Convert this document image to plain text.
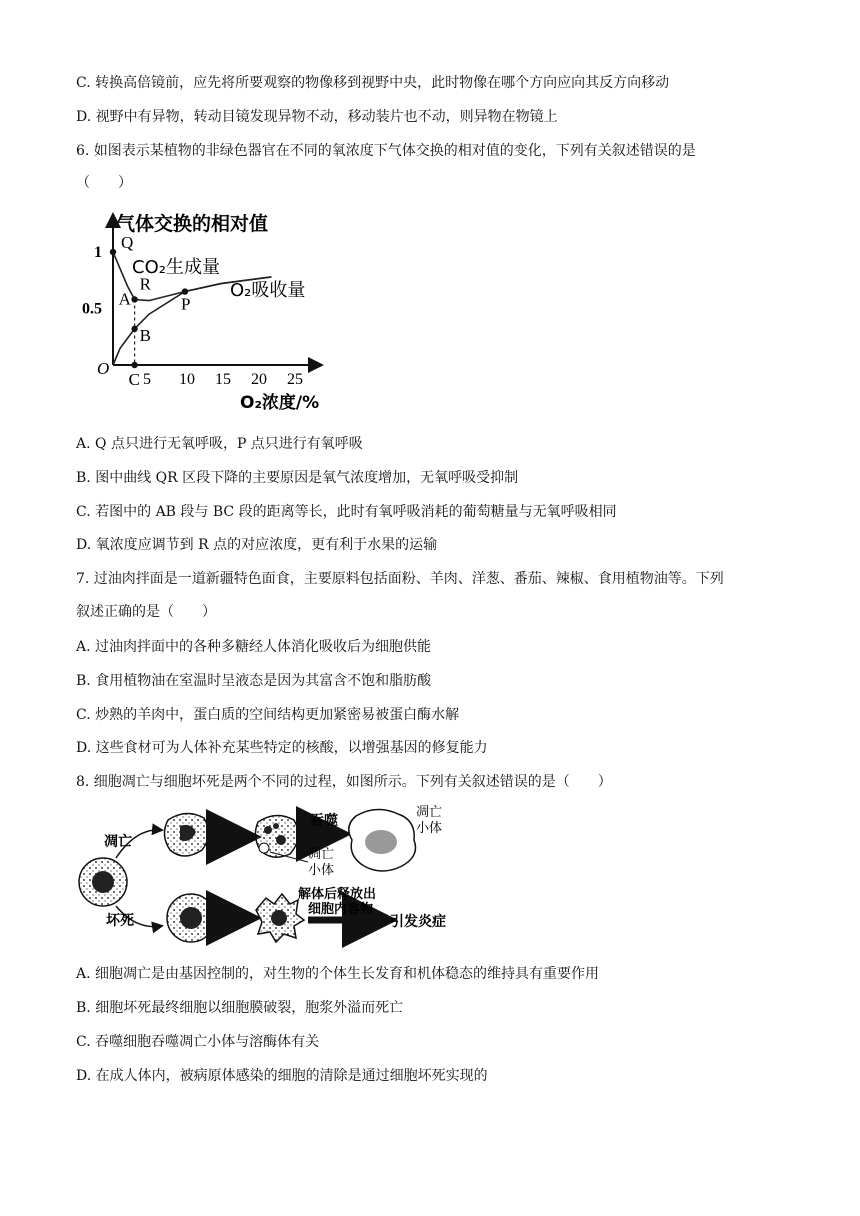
C. 转换高倍镜前，应先将所要观察的物像移到视野中央，此时物像在哪个方向应向其反方向移动
D. 视野中有异物，转动目镜发现异物不动，移动装片也不动，则异物在物镜上
6. 如图表示某植物的非绿色器官在不同的氧浓度下气体交换的相对值的变化，下列有关叙述错误的是
（　　）
气体交换的相对值
O₂浓度/%
O
5 10 15 20 25
0.5
1
CO₂生成量
O₂吸收量
Q
A
B
P
C
R
A. Q 点只进行无氧呼吸，P 点只进行有氧呼吸
B. 图中曲线 QR 区段下降的主要原因是氧气浓度增加，无氧呼吸受抑制
C. 若图中的 AB 段与 BC 段的距离等长，此时有氧呼吸消耗的葡萄糖量与无氧呼吸相同
D. 氧浓度应调节到 R 点的对应浓度，更有利于水果的运输
7. 过油肉拌面是一道新疆特色面食，主要原料包括面粉、羊肉、洋葱、番茄、辣椒、食用植物油等。下列
叙述正确的是（　　）
A. 过油肉拌面中的各种多糖经人体消化吸收后为细胞供能
B. 食用植物油在室温时呈液态是因为其富含不饱和脂肪酸
C. 炒熟的羊肉中，蛋白质的空间结构更加紧密易被蛋白酶水解
D. 这些食材可为人体补充某些特定的核酸，以增强基因的修复能力
8. 细胞凋亡与细胞坏死是两个不同的过程，如图所示。下列有关叙述错误的是（　　）
凋亡
坏死
吞噬
凋亡
小体
凋亡
小体
解体后释放出
细胞内容物
引发炎症
A. 细胞凋亡是由基因控制的，对生物的个体生长发育和机体稳态的维持具有重要作用
B. 细胞坏死最终细胞以细胞膜破裂，胞浆外溢而死亡
C. 吞噬细胞吞噬凋亡小体与溶酶体有关
D. 在成人体内，被病原体感染的细胞的清除是通过细胞坏死实现的
